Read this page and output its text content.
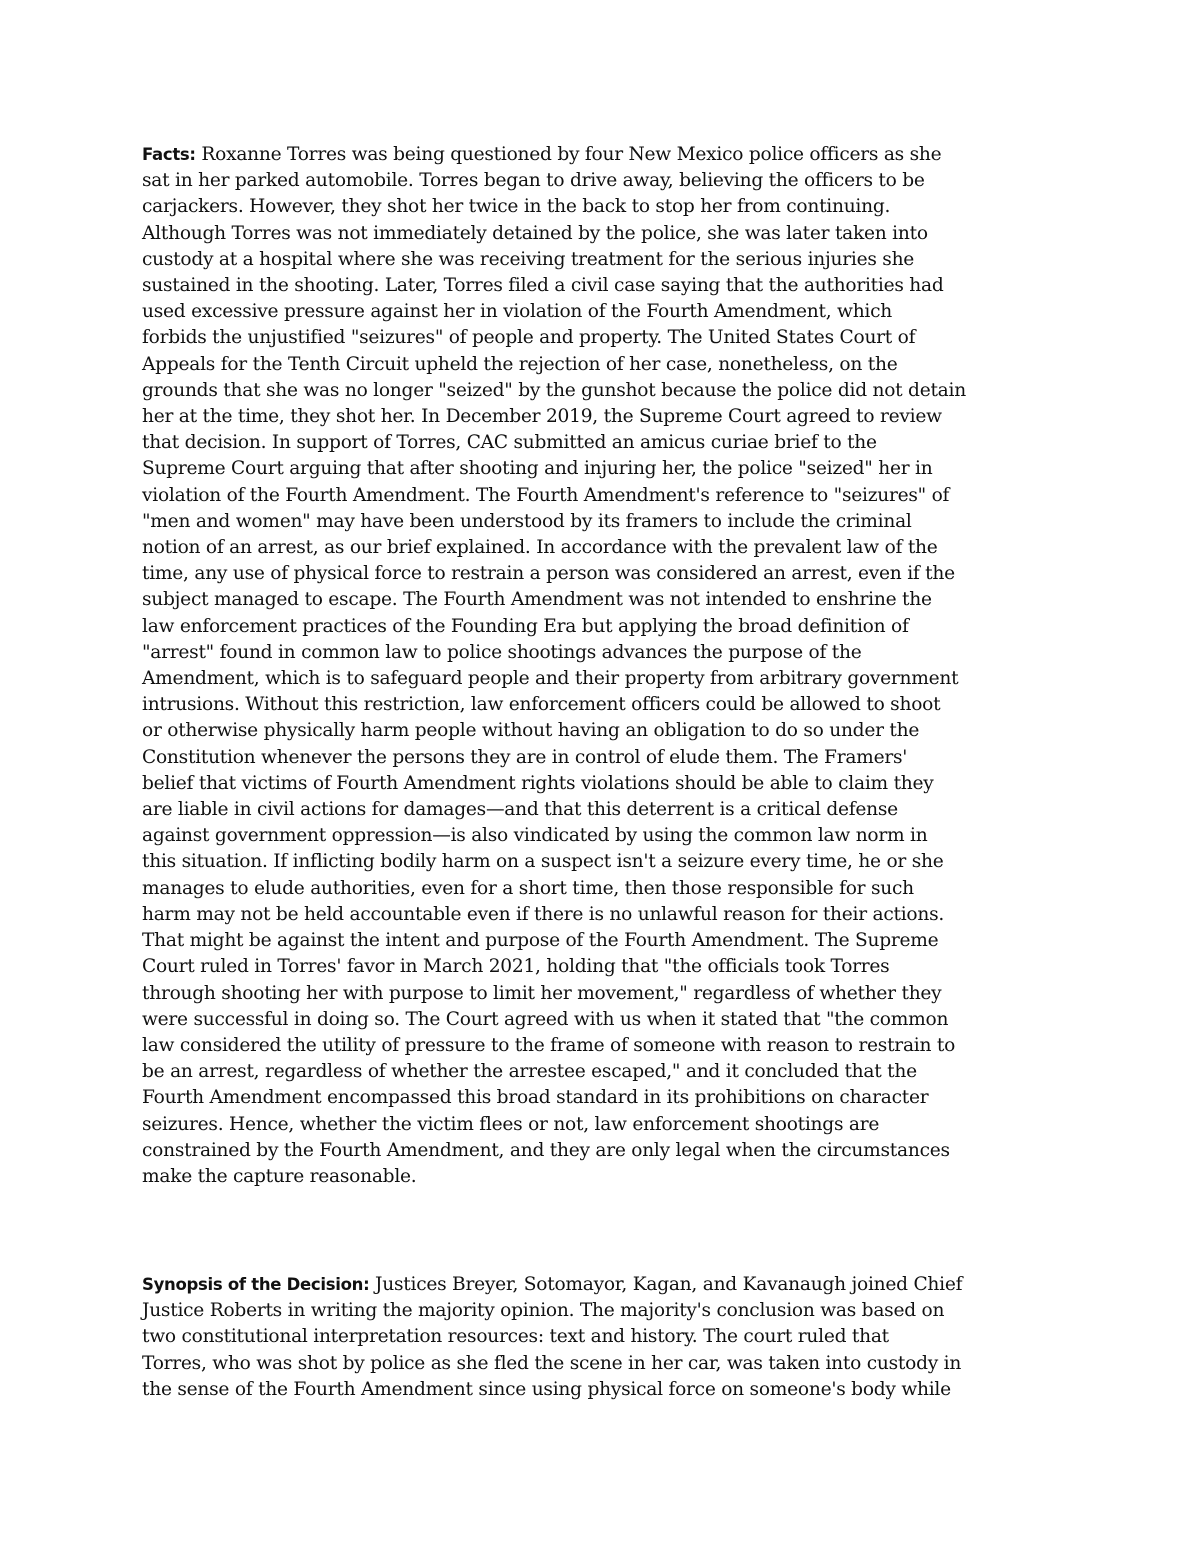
Facts: Roxanne Torres was being questioned by four New Mexico police officers as she
sat in her parked automobile. Torres began to drive away, believing the officers to be
carjackers. However, they shot her twice in the back to stop her from continuing.
Although Torres was not immediately detained by the police, she was later taken into
custody at a hospital where she was receiving treatment for the serious injuries she
sustained in the shooting. Later, Torres filed a civil case saying that the authorities had
used excessive pressure against her in violation of the Fourth Amendment, which
forbids the unjustified "seizures" of people and property. The United States Court of
Appeals for the Tenth Circuit upheld the rejection of her case, nonetheless, on the
grounds that she was no longer "seized" by the gunshot because the police did not detain
her at the time, they shot her. In December 2019, the Supreme Court agreed to review
that decision. In support of Torres, CAC submitted an amicus curiae brief to the
Supreme Court arguing that after shooting and injuring her, the police "seized" her in
violation of the Fourth Amendment. The Fourth Amendment's reference to "seizures" of
"men and women" may have been understood by its framers to include the criminal
notion of an arrest, as our brief explained. In accordance with the prevalent law of the
time, any use of physical force to restrain a person was considered an arrest, even if the
subject managed to escape. The Fourth Amendment was not intended to enshrine the
law enforcement practices of the Founding Era but applying the broad definition of
"arrest" found in common law to police shootings advances the purpose of the
Amendment, which is to safeguard people and their property from arbitrary government
intrusions. Without this restriction, law enforcement officers could be allowed to shoot
or otherwise physically harm people without having an obligation to do so under the
Constitution whenever the persons they are in control of elude them. The Framers'
belief that victims of Fourth Amendment rights violations should be able to claim they
are liable in civil actions for damages—and that this deterrent is a critical defense
against government oppression—is also vindicated by using the common law norm in
this situation. If inflicting bodily harm on a suspect isn't a seizure every time, he or she
manages to elude authorities, even for a short time, then those responsible for such
harm may not be held accountable even if there is no unlawful reason for their actions.
That might be against the intent and purpose of the Fourth Amendment. The Supreme
Court ruled in Torres' favor in March 2021, holding that "the officials took Torres
through shooting her with purpose to limit her movement," regardless of whether they
were successful in doing so. The Court agreed with us when it stated that "the common
law considered the utility of pressure to the frame of someone with reason to restrain to
be an arrest, regardless of whether the arrestee escaped," and it concluded that the
Fourth Amendment encompassed this broad standard in its prohibitions on character
seizures. Hence, whether the victim flees or not, law enforcement shootings are
constrained by the Fourth Amendment, and they are only legal when the circumstances
make the capture reasonable.
Synopsis of the Decision: Justices Breyer, Sotomayor, Kagan, and Kavanaugh joined Chief
Justice Roberts in writing the majority opinion. The majority's conclusion was based on
two constitutional interpretation resources: text and history. The court ruled that
Torres, who was shot by police as she fled the scene in her car, was taken into custody in
the sense of the Fourth Amendment since using physical force on someone's body while
